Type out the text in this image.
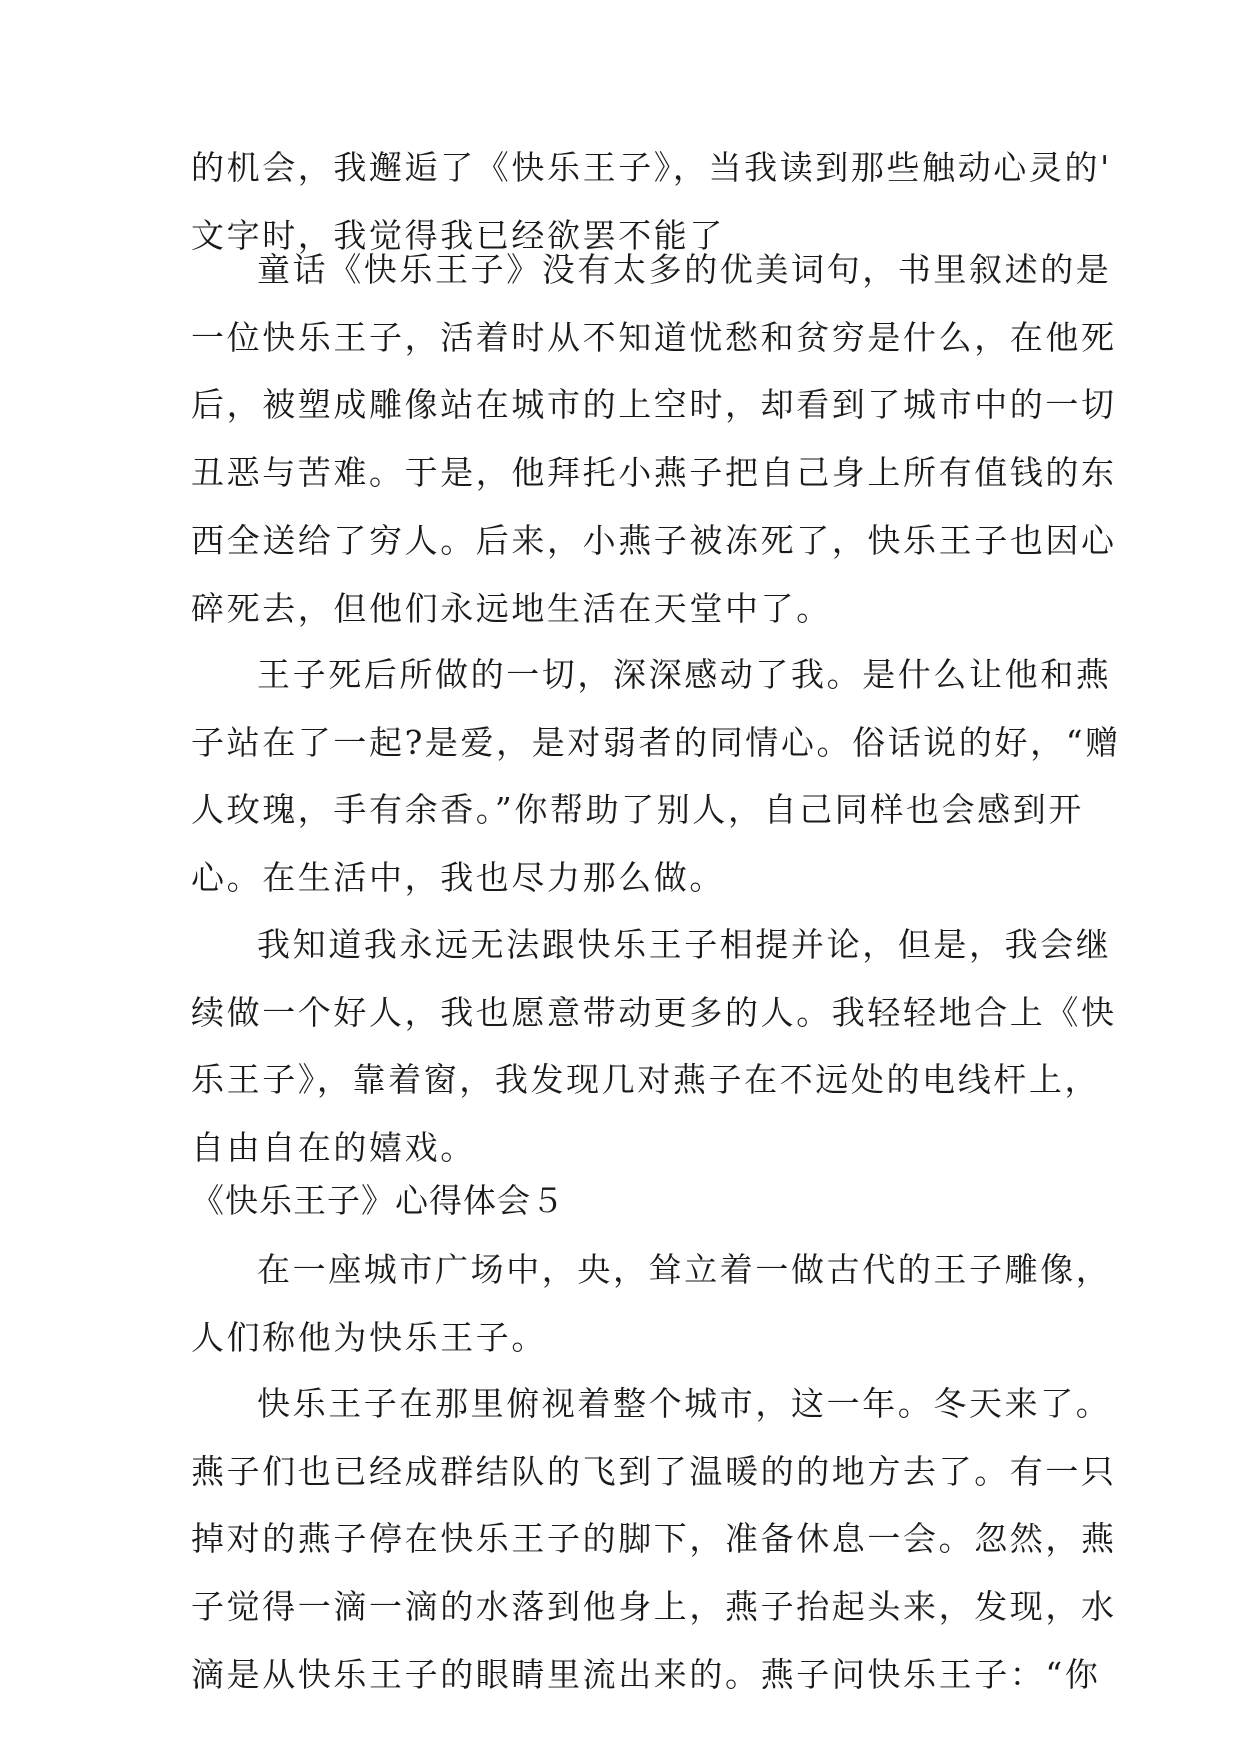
的机会，我邂逅了《快乐王子》，当我读到那些触动心灵的'
文字时，我觉得我已经欲罢不能了
童话《快乐王子》没有太多的优美词句，书里叙述的是
一位快乐王子，活着时从不知道忧愁和贫穷是什么，在他死
后，被塑成雕像站在城市的上空时，却看到了城市中的一切
丑恶与苦难。于是，他拜托小燕子把自己身上所有值钱的东
西全送给了穷人。后来，小燕子被冻死了，快乐王子也因心
碎死去，但他们永远地生活在天堂中了。
王子死后所做的一切，深深感动了我。是什么让他和燕
子站在了一起?是爱，是对弱者的同情心。俗话说的好，“赠
人玫瑰，手有余香。”你帮助了别人，自己同样也会感到开
心。在生活中，我也尽力那么做。
我知道我永远无法跟快乐王子相提并论，但是，我会继
续做一个好人，我也愿意带动更多的人。我轻轻地合上《快
乐王子》，靠着窗，我发现几对燕子在不远处的电线杆上，
自由自在的嬉戏。
《快乐王子》心得体会５
在一座城市广场中，央，耸立着一做古代的王子雕像，
人们称他为快乐王子。
快乐王子在那里俯视着整个城市，这一年。冬天来了。
燕子们也已经成群结队的飞到了温暖的的地方去了。有一只
掉对的燕子停在快乐王子的脚下，准备休息一会。忽然，燕
子觉得一滴一滴的水落到他身上，燕子抬起头来，发现，水
滴是从快乐王子的眼睛里流出来的。燕子问快乐王子：“你
